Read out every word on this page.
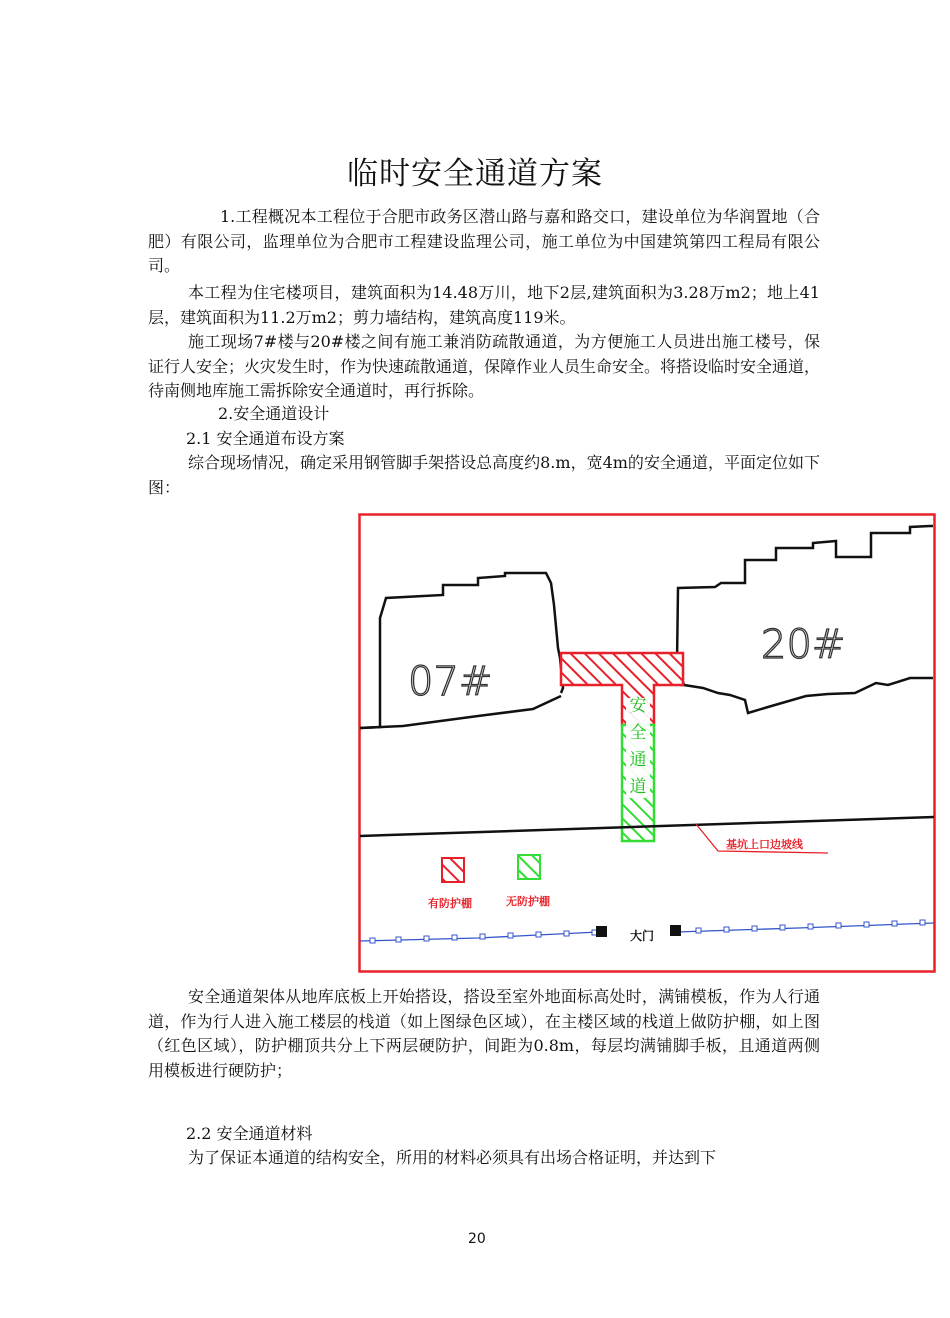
临时安全通道方案

1.工程概况本工程位于合肥市政务区潜山路与嘉和路交口，建设单位为华润置地（合肥）有限公司，监理单位为合肥市工程建设监理公司，施工单位为中国建筑第四工程局有限公司。

本工程为住宅楼项目，建筑面积为14.48万川，地下2层,建筑面积为3.28万m2；地上41层，建筑面积为11.2万m2；剪力墙结构，建筑高度119米。

施工现场7#楼与20#楼之间有施工兼消防疏散通道，为方便施工人员进出施工楼号，保证行人安全；火灾发生时，作为快速疏散通道，保障作业人员生命安全。将搭设临时安全通道，待南侧地库施工需拆除安全通道时，再行拆除。

2.安全通道设计
2.1 安全通道布设方案

综合现场情况，确定采用钢管脚手架搭设总高度约8.m，宽4m的安全通道，平面定位如下图：

07#
20#
安
全
通
道
基坑上口边坡线
有防护棚	无防护棚
大门

安全通道架体从地库底板上开始搭设，搭设至室外地面标高处时，满铺模板，作为人行通道，作为行人进入施工楼层的栈道（如上图绿色区域），在主楼区域的栈道上做防护棚，如上图（红色区域），防护棚顶共分上下两层硬防护，间距为0.8m，每层均满铺脚手板，且通道两侧用模板进行硬防护；

2.2 安全通道材料

为了保证本通道的结构安全，所用的材料必须具有出场合格证明，并达到下

20
